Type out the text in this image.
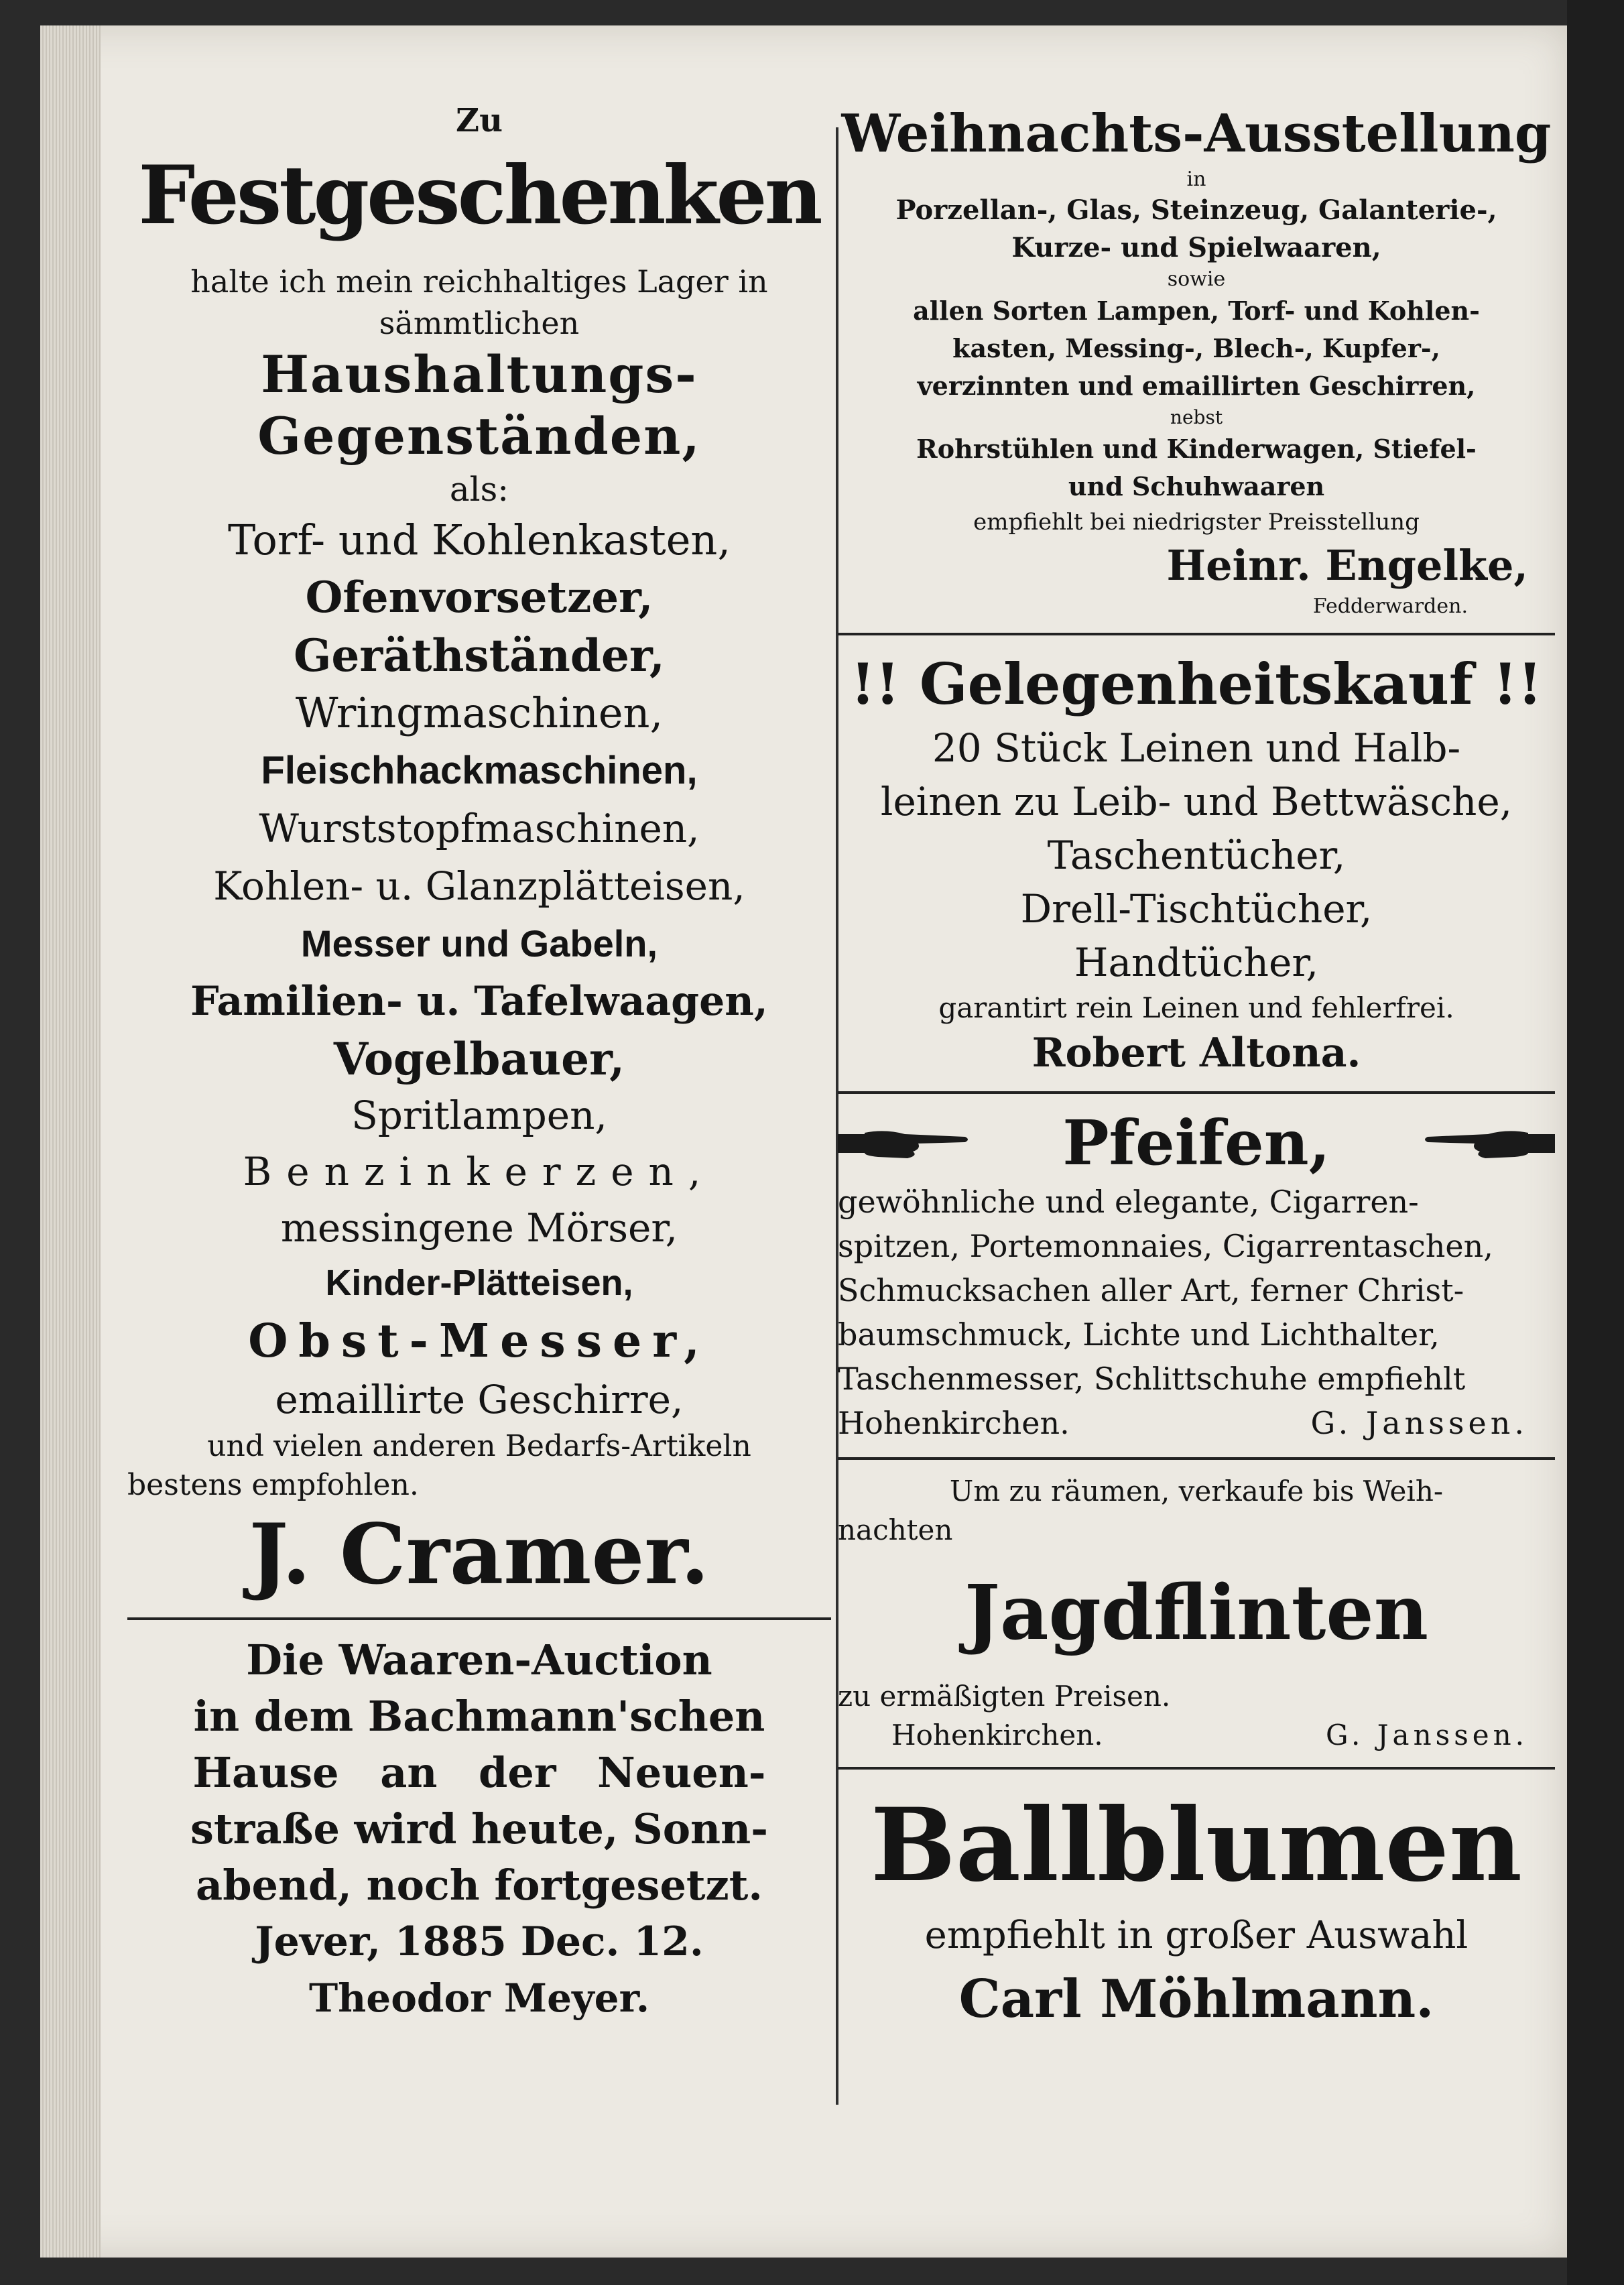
Zu
Festgeschenken
halte ich mein reichhaltiges Lager in
sämmtlichen
Haushaltungs-
Gegenständen,
als:
Torf- und Kohlenkasten,
Ofenvorsetzer,
Geräthständer,
Wringmaschinen,
Fleischhackmaschinen,
Wurststopfmaschinen,
Kohlen- u. Glanzplätteisen,
Messer und Gabeln,
Familien- u. Tafelwaagen,
Vogelbauer,
Spritlampen,
Benzinkerzen,
messingene Mörser,
Kinder-Plätteisen,
Obst-Messer,
emaillirte Geschirre,
und vielen anderen Bedarfs-Artikeln
bestens empfohlen.
J. Cramer.
Die Waaren-Auction
in dem Bachmann'schen
Hause an der Neuen-
straße wird heute, Sonn-
abend, noch fortgesetzt.
Jever, 1885 Dec. 12.
Theodor Meyer.
Weihnachts-Ausstellung
in
Porzellan-, Glas, Steinzeug, Galanterie-,
Kurze- und Spielwaaren,
sowie
allen Sorten Lampen, Torf- und Kohlen-
kasten, Messing-, Blech-, Kupfer-,
verzinnten und emaillirten Geschirren,
nebst
Rohrstühlen und Kinderwagen, Stiefel-
und Schuhwaaren
empfiehlt bei niedrigster Preisstellung
Heinr. Engelke,
Fedderwarden.
!! Gelegenheitskauf !!
20 Stück Leinen und Halb-
leinen zu Leib- und Bettwäsche,
Taschentücher,
Drell-Tischtücher,
Handtücher,
garantirt rein Leinen und fehlerfrei.
Robert Altona.
Pfeifen,
gewöhnliche und elegante, Cigarren-
spitzen, Portemonnaies, Cigarrentaschen,
Schmucksachen aller Art, ferner Christ-
baumschmuck, Lichte und Lichthalter,
Taschenmesser, Schlittschuhe empfiehlt
Hohenkirchen.	G. Janssen.
Um zu räumen, verkaufe bis Weih-
nachten
Jagdflinten
zu ermäßigten Preisen.
Hohenkirchen.	G. Janssen.
Ballblumen
empfiehlt in großer Auswahl
Carl Möhlmann.
